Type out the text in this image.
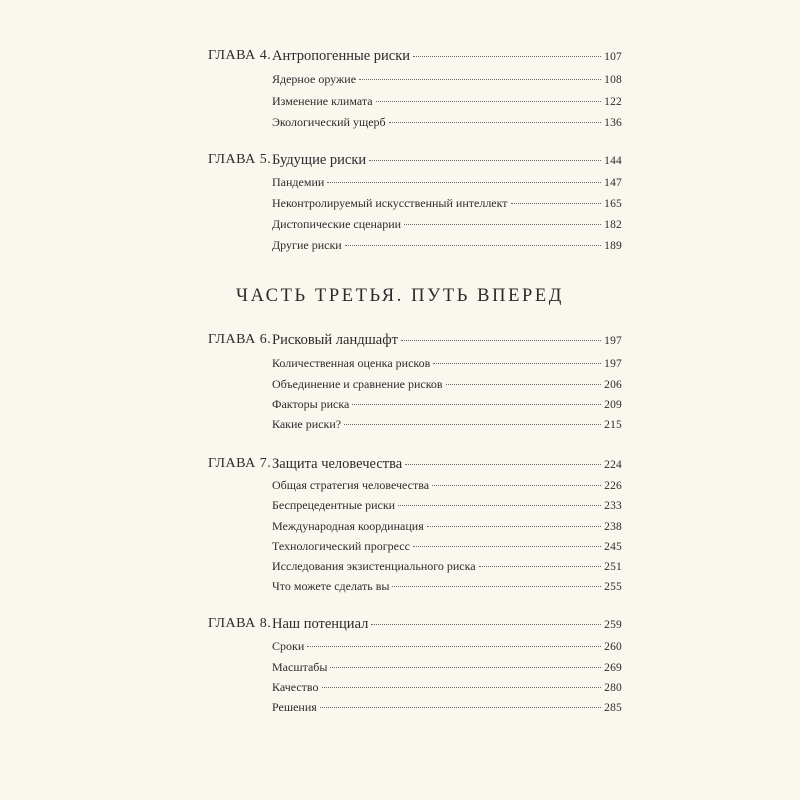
ГЛАВА 4. Антропогенные риски	107
Ядерное оружие	108
Изменение климата	122
Экологический ущерб	136
ГЛАВА 5. Будущие риски	144
Пандемии	147
Неконтролируемый искусственный интеллект	165
Дистопические сценарии	182
Другие риски	189
ЧАСТЬ ТРЕТЬЯ. ПУТЬ ВПЕРЕД
ГЛАВА 6. Рисковый ландшафт	197
Количественная оценка рисков	197
Объединение и сравнение рисков	206
Факторы риска	209
Какие риски?	215
ГЛАВА 7. Защита человечества	224
Общая стратегия человечества	226
Беспрецедентные риски	233
Международная координация	238
Технологический прогресс	245
Исследования экзистенциального риска	251
Что можете сделать вы	255
ГЛАВА 8. Наш потенциал	259
Сроки	260
Масштабы	269
Качество	280
Решения	285
